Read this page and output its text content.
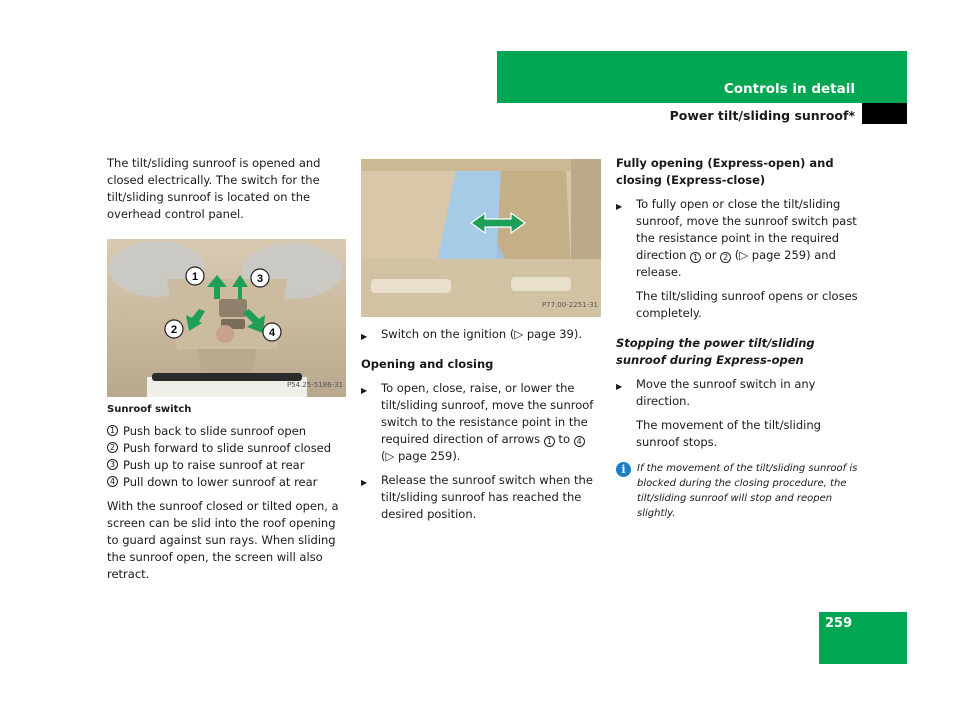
Controls in detail
Power tilt/sliding sunroof*

The tilt/sliding sunroof is opened and closed electrically. The switch for the tilt/sliding sunroof is located on the overhead control panel.

1	3
2	4
P54.25-5186-31
Sunroof switch
1 Push back to slide sunroof open
2 Push forward to slide sunroof closed
3 Push up to raise sunroof at rear
4 Pull down to lower sunroof at rear

With the sunroof closed or tilted open, a screen can be slid into the roof opening to guard against sun rays. When sliding the sunroof open, the screen will also retract.

P77.00-2251-31
▶	Switch on the ignition (▷ page 39).

Opening and closing

▶	To open, close, raise, or lower the tilt/sliding sunroof, move the sunroof switch to the resistance point in the required direction of arrows 1 to 4 (▷ page 259).
▶	Release the sunroof switch when the tilt/sliding sunroof has reached the desired position.

Fully opening (Express-open) and closing (Express-close)

▶	To fully open or close the tilt/sliding sunroof, move the sunroof switch past the resistance point in the required direction 1 or 2 (▷ page 259) and release.

The tilt/sliding sunroof opens or closes completely.

Stopping the power tilt/sliding sunroof during Express-open

▶	Move the sunroof switch in any direction.

The movement of the tilt/sliding sunroof stops.

i	If the movement of the tilt/sliding sunroof is blocked during the closing procedure, the tilt/sliding sunroof will stop and reopen slightly.
259
